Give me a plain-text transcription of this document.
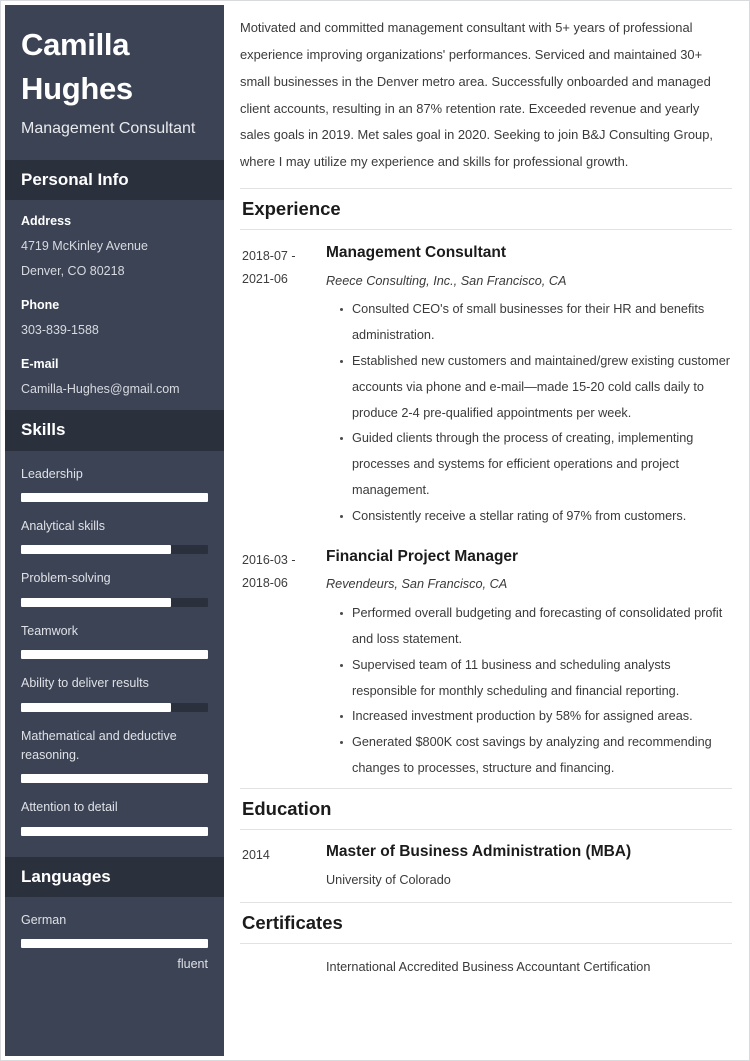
Camilla Hughes

Management Consultant

Personal Info
Address
4719 McKinley Avenue
Denver, CO 80218
Phone
303-839-1588
E-mail
Camilla-Hughes@gmail.com
Skills
Leadership
Analytical skills
Problem-solving
Teamwork
Ability to deliver results
Mathematical and deductive reasoning.
Attention to detail
Languages
German
fluent

Motivated and committed management consultant with 5+ years of professional experience improving organizations' performances. Serviced and maintained 30+ small businesses in the Denver metro area. Successfully onboarded and managed client accounts, resulting in an 87% retention rate. Exceeded revenue and yearly sales goals in 2019. Met sales goal in 2020. Seeking to join B&J Consulting Group, where I may utilize my experience and skills for professional growth.

Experience
2018-07 - 2021-06
Management Consultant
Reece Consulting, Inc., San Francisco, CA
Consulted CEO's of small businesses for their HR and benefits administration.
Established new customers and maintained/grew existing customer accounts via phone and e-mail—made 15-20 cold calls daily to produce 2-4 pre-qualified appointments per week.
Guided clients through the process of creating, implementing processes and systems for efficient operations and project management.
Consistently receive a stellar rating of 97% from customers.
2016-03 - 2018-06
Financial Project Manager
Revendeurs, San Francisco, CA
Performed overall budgeting and forecasting of consolidated profit and loss statement.
Supervised team of 11 business and scheduling analysts responsible for monthly scheduling and financial reporting.
Increased investment production by 58% for assigned areas.
Generated $800K cost savings by analyzing and recommending changes to processes, structure and financing.
Education
2014	Master of Business Administration (MBA)
University of Colorado
Certificates
International Accredited Business Accountant Certification
